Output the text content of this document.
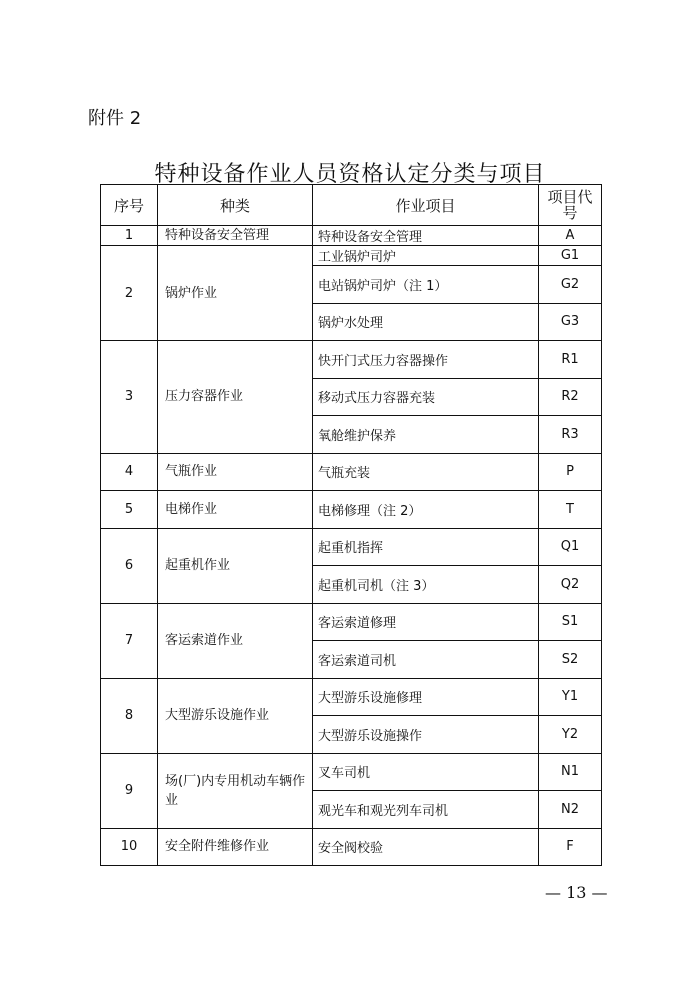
附件 2
特种设备作业人员资格认定分类与项目
序号	种类	作业项目	项目代号
1	特种设备安全管理	特种设备安全管理	A
2	锅炉作业	工业锅炉司炉	G1
		电站锅炉司炉（注 1）	G2
		锅炉水处理	G3
3	压力容器作业	快开门式压力容器操作	R1
		移动式压力容器充装	R2
		氧舱维护保养	R3
4	气瓶作业	气瓶充装	P
5	电梯作业	电梯修理（注 2）	T
6	起重机作业	起重机指挥	Q1
		起重机司机（注 3）	Q2
7	客运索道作业	客运索道修理	S1
		客运索道司机	S2
8	大型游乐设施作业	大型游乐设施修理	Y1
		大型游乐设施操作	Y2
9	场(厂)内专用机动车辆作业	叉车司机	N1
		观光车和观光列车司机	N2
10	安全附件维修作业	安全阀校验	F
— 13 —
